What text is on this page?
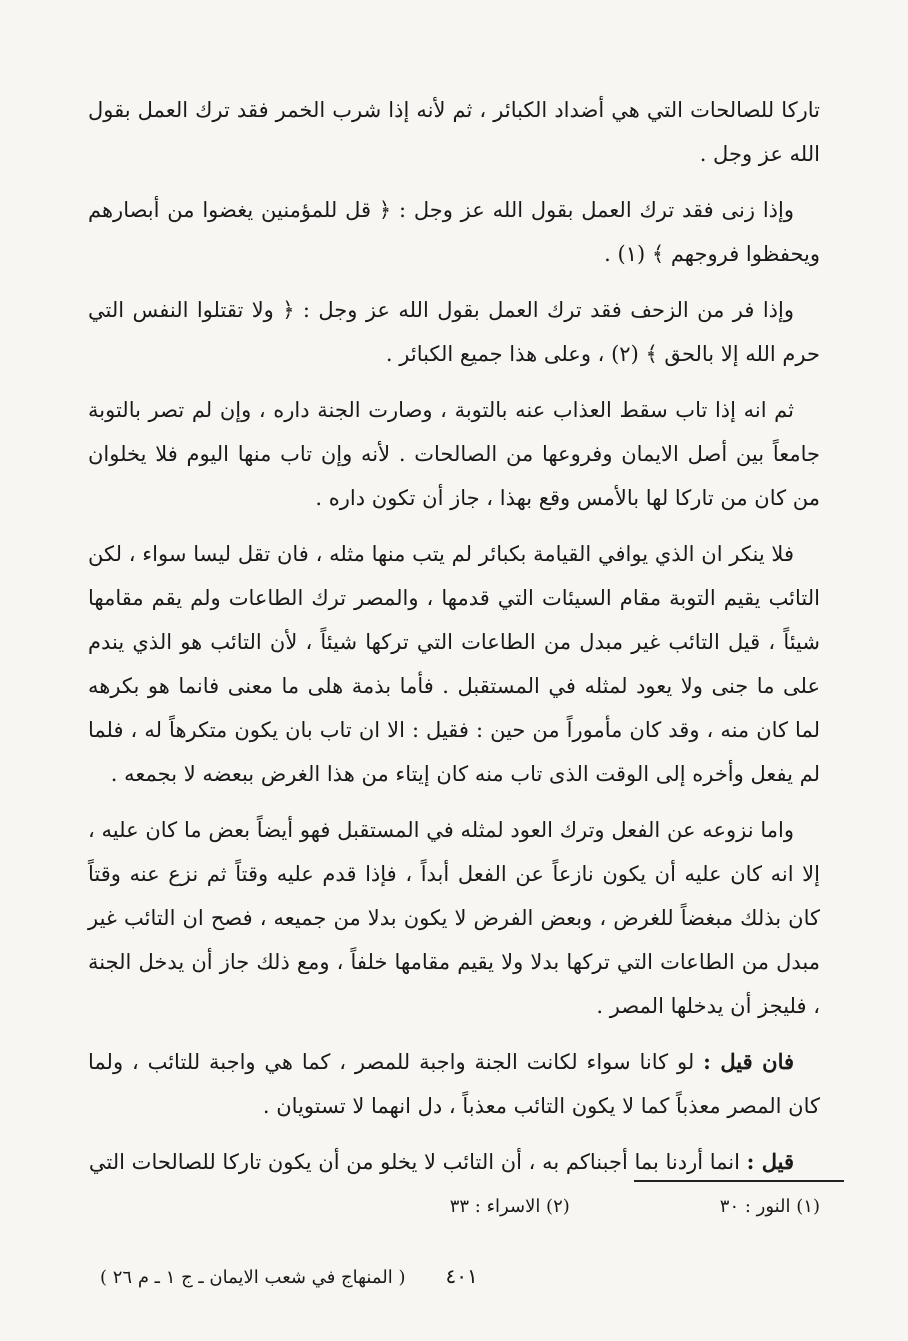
تاركا للصالحات التي هي أضداد الكبائر ، ثم لأنه إذا شرب الخمر فقد ترك العمل بقول الله عز وجل .

وإذا زنى فقد ترك العمل بقول الله عز وجل : ﴿ قل للمؤمنين يغضوا من أبصارهم ويحفظوا فروجهم ﴾ (١) .

وإذا فر من الزحف فقد ترك العمل بقول الله عز وجل : ﴿ ولا تقتلوا النفس التي حرم الله إلا بالحق ﴾ (٢) ، وعلى هذا جميع الكبائر .

ثم انه إذا تاب سقط العذاب عنه بالتوبة ، وصارت الجنة داره ، وإن لم تصر بالتوبة جامعاً بين أصل الايمان وفروعها من الصالحات . لأنه وإن تاب منها اليوم فلا يخلوان من كان من تاركا لها بالأمس وقع بهذا ، جاز أن تكون داره .

فلا ينكر ان الذي يوافي القيامة بكبائر لم يتب منها مثله ، فان تقل ليسا سواء ، لكن التائب يقيم التوبة مقام السيئات التي قدمها ، والمصر ترك الطاعات ولم يقم مقامها شيئاً ، قيل التائب غير مبدل من الطاعات التي تركها شيئاً ، لأن التائب هو الذي يندم على ما جنى ولا يعود لمثله في المستقبل . فأما بذمة هلى ما معنى فانما هو بكرهه لما كان منه ، وقد كان مأموراً من حين : فقيل : الا ان تاب بان يكون متكرهاً له ، فلما لم يفعل وأخره إلى الوقت الذى تاب منه كان إيتاء من هذا الغرض ببعضه لا بجمعه .

واما نزوعه عن الفعل وترك العود لمثله في المستقبل فهو أيضاً بعض ما كان عليه ، إلا انه كان عليه أن يكون نازعاً عن الفعل أبداً ، فإذا قدم عليه وقتاً ثم نزع عنه وقتاً كان بذلك مبغضاً للغرض ، وبعض الفرض لا يكون بدلا من جميعه ، فصح ان التائب غير مبدل من الطاعات التي تركها بدلا ولا يقيم مقامها خلفاً ، ومع ذلك جاز أن يدخل الجنة ، فليجز أن يدخلها المصر .

فان قيل : لو كانا سواء لكانت الجنة واجبة للمصر ، كما هي واجبة للتائب ، ولما كان المصر معذباً كما لا يكون التائب معذباً ، دل انهما لا تستويان .

قيل : انما أردنا بما أجبناكم به ، أن التائب لا يخلو من أن يكون تاركا للصالحات التي

(١) النور : ٣٠
(٢) الاسراء : ٣٣
٤٠١
( المنهاج في شعب الايمان ـ ج ١ ـ م ٢٦ )
